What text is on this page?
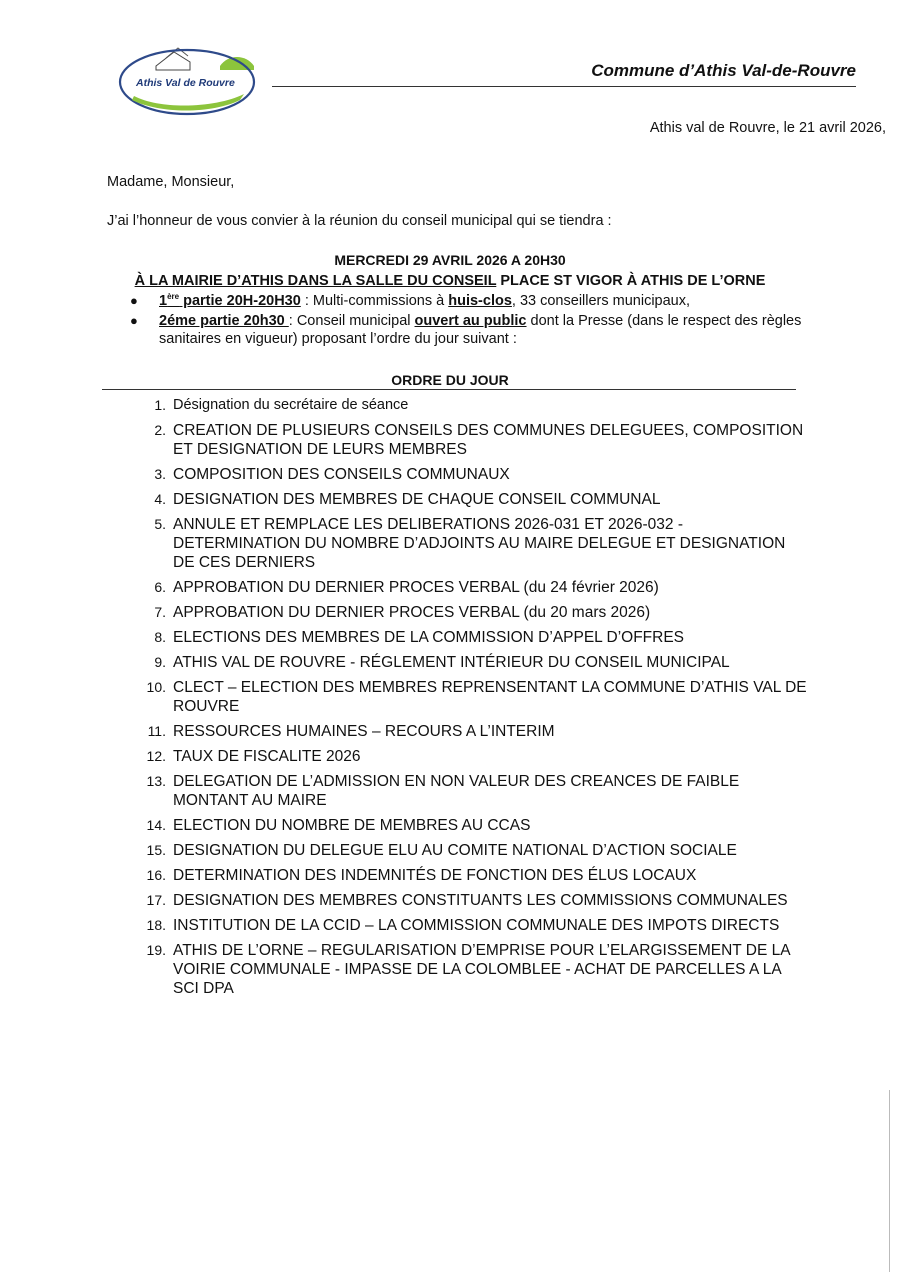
Athis Val de Rouvre
Commune d’Athis Val-de-Rouvre
Athis val de Rouvre, le 21 avril 2026,
Madame, Monsieur,
J’ai l’honneur de vous convier à la réunion du conseil municipal qui se tiendra :
MERCREDI 29 AVRIL 2026 A 20H30
À LA MAIRIE D’ATHIS DANS LA SALLE DU CONSEIL PLACE ST VIGOR À ATHIS DE L’ORNE
● 1ère partie 20H-20H30 : Multi-commissions à huis-clos, 33 conseillers municipaux,
● 2éme partie 20h30 : Conseil municipal ouvert au public dont la Presse (dans le respect des règles sanitaires en vigueur) proposant l’ordre du jour suivant :
ORDRE DU JOUR
1. Désignation du secrétaire de séance
2. CREATION DE PLUSIEURS CONSEILS DES COMMUNES DELEGUEES, COMPOSITION ET DESIGNATION DE LEURS MEMBRES
3. COMPOSITION DES CONSEILS COMMUNAUX
4. DESIGNATION DES MEMBRES DE CHAQUE CONSEIL COMMUNAL
5. ANNULE ET REMPLACE LES DELIBERATIONS 2026-031 ET 2026-032 - DETERMINATION DU NOMBRE D’ADJOINTS AU MAIRE DELEGUE ET DESIGNATION DE CES DERNIERS
6. APPROBATION DU DERNIER PROCES VERBAL (du 24 février 2026)
7. APPROBATION DU DERNIER PROCES VERBAL (du 20 mars 2026)
8. ELECTIONS DES MEMBRES DE LA COMMISSION D’APPEL D’OFFRES
9. ATHIS VAL DE ROUVRE - RÉGLEMENT INTÉRIEUR DU CONSEIL MUNICIPAL
10. CLECT – ELECTION DES MEMBRES REPRENSENTANT LA COMMUNE D’ATHIS VAL DE ROUVRE
11. RESSOURCES HUMAINES – RECOURS A L’INTERIM
12. TAUX DE FISCALITE 2026
13. DELEGATION DE L’ADMISSION EN NON VALEUR DES CREANCES DE FAIBLE MONTANT AU MAIRE
14. ELECTION DU NOMBRE DE MEMBRES AU CCAS
15. DESIGNATION DU DELEGUE ELU AU COMITE NATIONAL D’ACTION SOCIALE
16. DETERMINATION DES INDEMNITÉS DE FONCTION DES ÉLUS LOCAUX
17. DESIGNATION DES MEMBRES CONSTITUANTS LES COMMISSIONS COMMUNALES
18. INSTITUTION DE LA CCID – LA COMMISSION COMMUNALE DES IMPOTS DIRECTS
19. ATHIS DE L’ORNE – REGULARISATION D’EMPRISE POUR L’ELARGISSEMENT DE LA VOIRIE COMMUNALE - IMPASSE DE LA COLOMBLEE - ACHAT DE PARCELLES A LA SCI DPA
